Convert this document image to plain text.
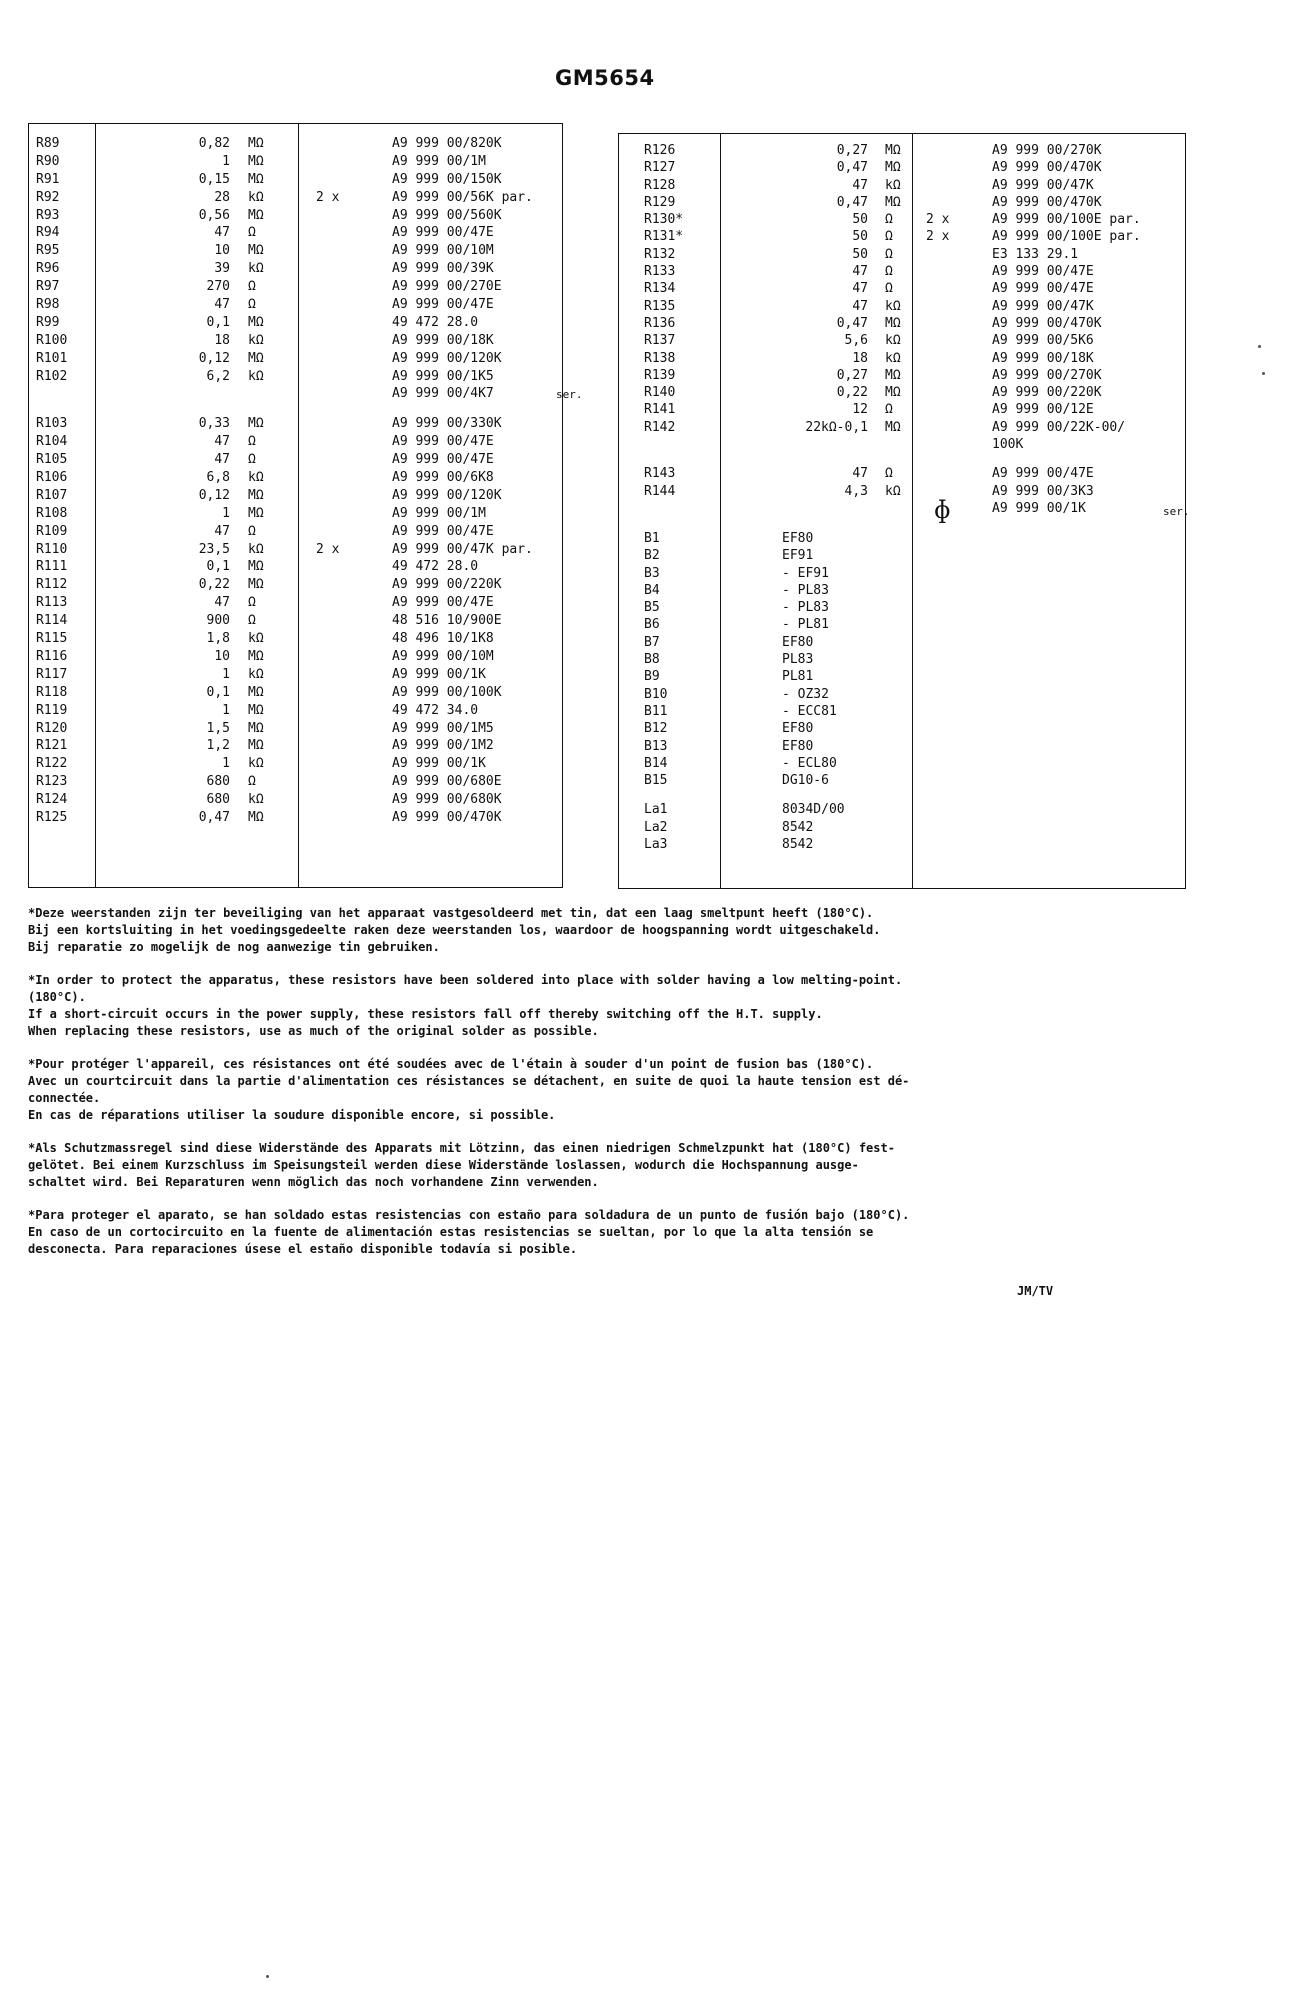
GM5654
R89
R90
R91
R92
R93
R94
R95
R96
R97
R98
R99
R100
R101
R102
R103
R104
R105
R106
R107
R108
R109
R110
R111
R112
R113
R114
R115
R116
R117
R118
R119
R120
R121
R122
R123
R124
R125
0,82
1
0,15
28
0,56
47
10
39
270
47
0,1
18
0,12
6,2
0,33
47
47
6,8
0,12
1
47
23,5
0,1
0,22
47
900
1,8
10
1
0,1
1
1,5
1,2
1
680
680
0,47
MΩ
MΩ
MΩ
kΩ
MΩ
Ω
MΩ
kΩ
Ω
Ω
MΩ
kΩ
MΩ
kΩ
MΩ
Ω
Ω
kΩ
MΩ
MΩ
Ω
kΩ
MΩ
MΩ
Ω
Ω
kΩ
MΩ
kΩ
MΩ
MΩ
MΩ
MΩ
kΩ
Ω
kΩ
MΩ
2 x
2 x
A9 999 00/820K
A9 999 00/1M
A9 999 00/150K
A9 999 00/56K par.
A9 999 00/560K
A9 999 00/47E
A9 999 00/10M
A9 999 00/39K
A9 999 00/270E
A9 999 00/47E
49 472 28.0
A9 999 00/18K
A9 999 00/120K
A9 999 00/1K5
A9 999 00/4K7
A9 999 00/330K
A9 999 00/47E
A9 999 00/47E
A9 999 00/6K8
A9 999 00/120K
A9 999 00/1M
A9 999 00/47E
A9 999 00/47K par.
49 472 28.0
A9 999 00/220K
A9 999 00/47E
48 516 10/900E
48 496 10/1K8
A9 999 00/10M
A9 999 00/1K
A9 999 00/100K
49 472 34.0
A9 999 00/1M5
A9 999 00/1M2
A9 999 00/1K
A9 999 00/680E
A9 999 00/680K
A9 999 00/470K
ser.
R126
R127
R128
R129
R130*
R131*
R132
R133
R134
R135
R136
R137
R138
R139
R140
R141
R142
R143
R144
0,27
0,47
47
0,47
50
50
50
47
47
47
0,47
5,6
18
0,27
0,22
12
22kΩ-0,1
47
4,3
MΩ
MΩ
kΩ
MΩ
Ω
Ω
Ω
Ω
Ω
kΩ
MΩ
kΩ
kΩ
MΩ
MΩ
Ω
MΩ
Ω
kΩ
2 x
2 x
A9 999 00/270K
A9 999 00/470K
A9 999 00/47K
A9 999 00/470K
A9 999 00/100E par.
A9 999 00/100E par.
E3 133 29.1
A9 999 00/47E
A9 999 00/47E
A9 999 00/47K
A9 999 00/470K
A9 999 00/5K6
A9 999 00/18K
A9 999 00/270K
A9 999 00/220K
A9 999 00/12E
A9 999 00/22K-00/
100K
A9 999 00/47E
A9 999 00/3K3
A9 999 00/1K	ser.
ɸ
B1
B2
B3
B4
B5
B6
B7
B8
B9
B10
B11
B12
B13
B14
B15
La1
La2
La3
EF80
EF91
- EF91
- PL83
- PL83
- PL81
EF80
PL83
PL81
- OZ32
- ECC81
EF80
EF80
- ECL80
DG10-6
8034D/00
8542
8542

*Deze weerstanden zijn ter beveiliging van het apparaat vastgesoldeerd met tin, dat een laag smeltpunt heeft (180°C).
Bij een kortsluiting in het voedingsgedeelte raken deze weerstanden los, waardoor de hoogspanning wordt uitgeschakeld.
Bij reparatie zo mogelijk de nog aanwezige tin gebruiken.

*In order to protect the apparatus, these resistors have been soldered into place with solder having a low melting-point.
(180°C).
If a short-circuit occurs in the power supply, these resistors fall off thereby switching off the H.T. supply.
When replacing these resistors, use as much of the original solder as possible.

*Pour protéger l'appareil, ces résistances ont été soudées avec de l'étain à souder d'un point de fusion bas (180°C).
Avec un courtcircuit dans la partie d'alimentation ces résistances se détachent, en suite de quoi la haute tension est dé-
connectée.
En cas de réparations utiliser la soudure disponible encore, si possible.

*Als Schutzmassregel sind diese Widerstände des Apparats mit Lötzinn, das einen niedrigen Schmelzpunkt hat (180°C) fest-
gelötet. Bei einem Kurzschluss im Speisungsteil werden diese Widerstände loslassen, wodurch die Hochspannung ausge-
schaltet wird. Bei Reparaturen wenn möglich das noch vorhandene Zinn verwenden.

*Para proteger el aparato, se han soldado estas resistencias con estaño para soldadura de un punto de fusión bajo (180°C).
En caso de un cortocircuito en la fuente de alimentación estas resistencias se sueltan, por lo que la alta tensión se
desconecta. Para reparaciones úsese el estaño disponible todavía si posible.

JM/TV
